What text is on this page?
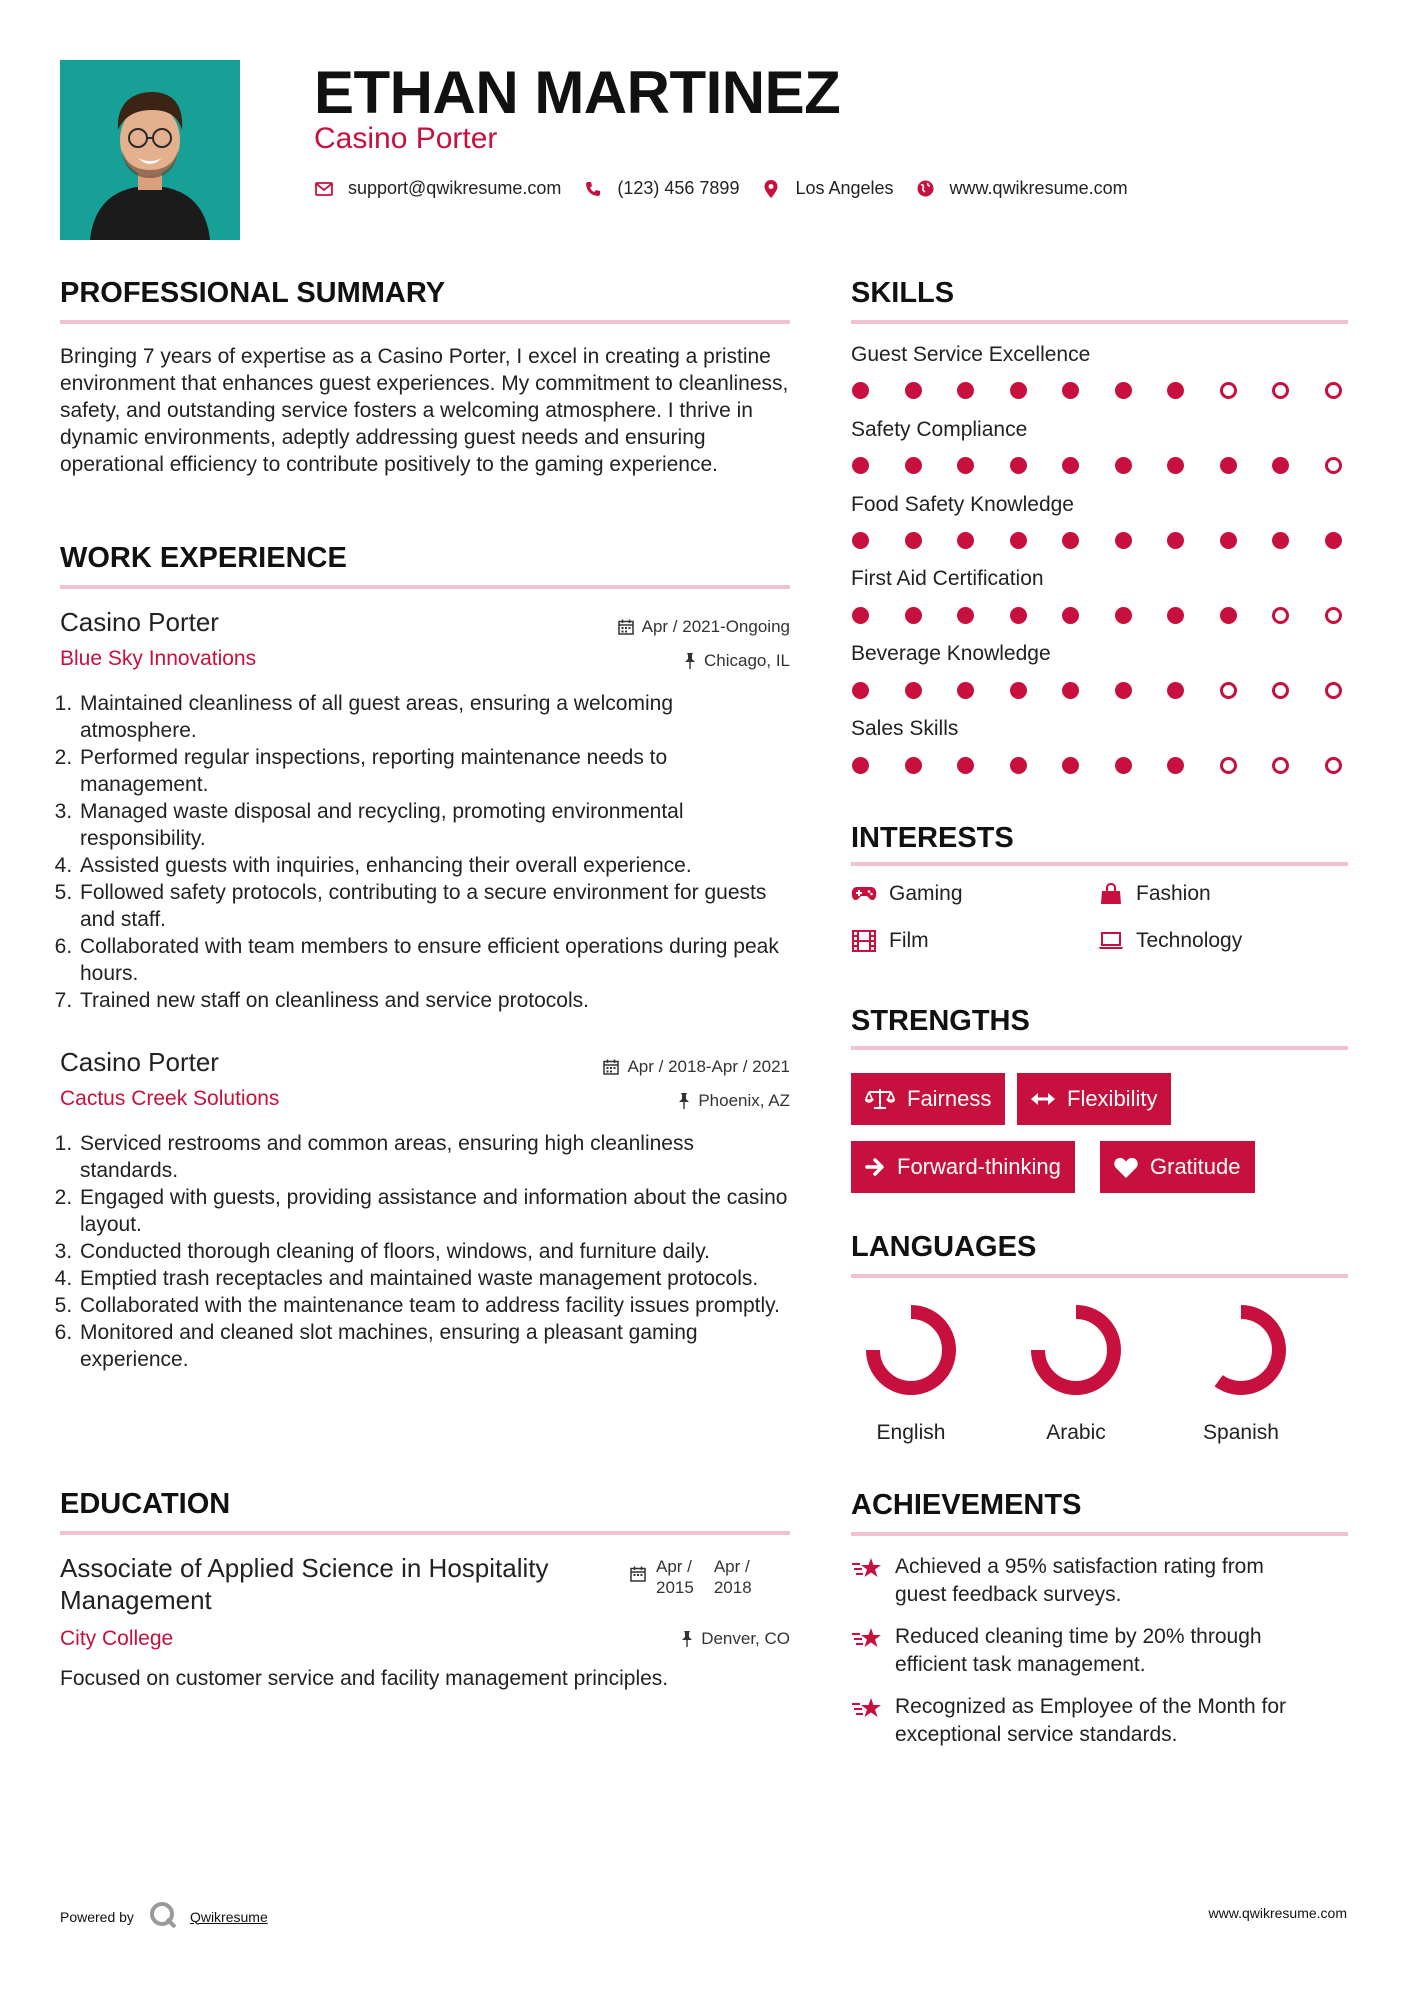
ETHAN MARTINEZ
Casino Porter
support@qwikresume.com	(123) 456 7899	Los Angeles	www.qwikresume.com
PROFESSIONAL SUMMARY
Bringing 7 years of expertise as a Casino Porter, I excel in creating a pristine environment that enhances guest experiences. My commitment to cleanliness, safety, and outstanding service fosters a welcoming atmosphere. I thrive in dynamic environments, adeptly addressing guest needs and ensuring operational efficiency to contribute positively to the gaming experience.
WORK EXPERIENCE
Casino Porter	Apr / 2021-Ongoing
Blue Sky Innovations	Chicago, IL
1. Maintained cleanliness of all guest areas, ensuring a welcoming atmosphere.
2. Performed regular inspections, reporting maintenance needs to management.
3. Managed waste disposal and recycling, promoting environmental responsibility.
4. Assisted guests with inquiries, enhancing their overall experience.
5. Followed safety protocols, contributing to a secure environment for guests and staff.
6. Collaborated with team members to ensure efficient operations during peak hours.
7. Trained new staff on cleanliness and service protocols.
Casino Porter	Apr / 2018-Apr / 2021
Cactus Creek Solutions	Phoenix, AZ
1. Serviced restrooms and common areas, ensuring high cleanliness standards.
2. Engaged with guests, providing assistance and information about the casino layout.
3. Conducted thorough cleaning of floors, windows, and furniture daily.
4. Emptied trash receptacles and maintained waste management protocols.
5. Collaborated with the maintenance team to address facility issues promptly.
6. Monitored and cleaned slot machines, ensuring a pleasant gaming experience.
EDUCATION
Associate of Applied Science in Hospitality Management
Apr /
2015
Apr /
2018
City College	Denver, CO
Focused on customer service and facility management principles.
SKILLS
Guest Service Excellence
Safety Compliance
Food Safety Knowledge
First Aid Certification
Beverage Knowledge
Sales Skills
INTERESTS
Gaming	Fashion
Film	Technology
STRENGTHS
Fairness	Flexibility
Forward-thinking	Gratitude
LANGUAGES
English	Arabic	Spanish
ACHIEVEMENTS
Achieved a 95% satisfaction rating from guest feedback surveys.
Reduced cleaning time by 20% through efficient task management.
Recognized as Employee of the Month for exceptional service standards.
Powered by	Qwikresume	www.qwikresume.com
